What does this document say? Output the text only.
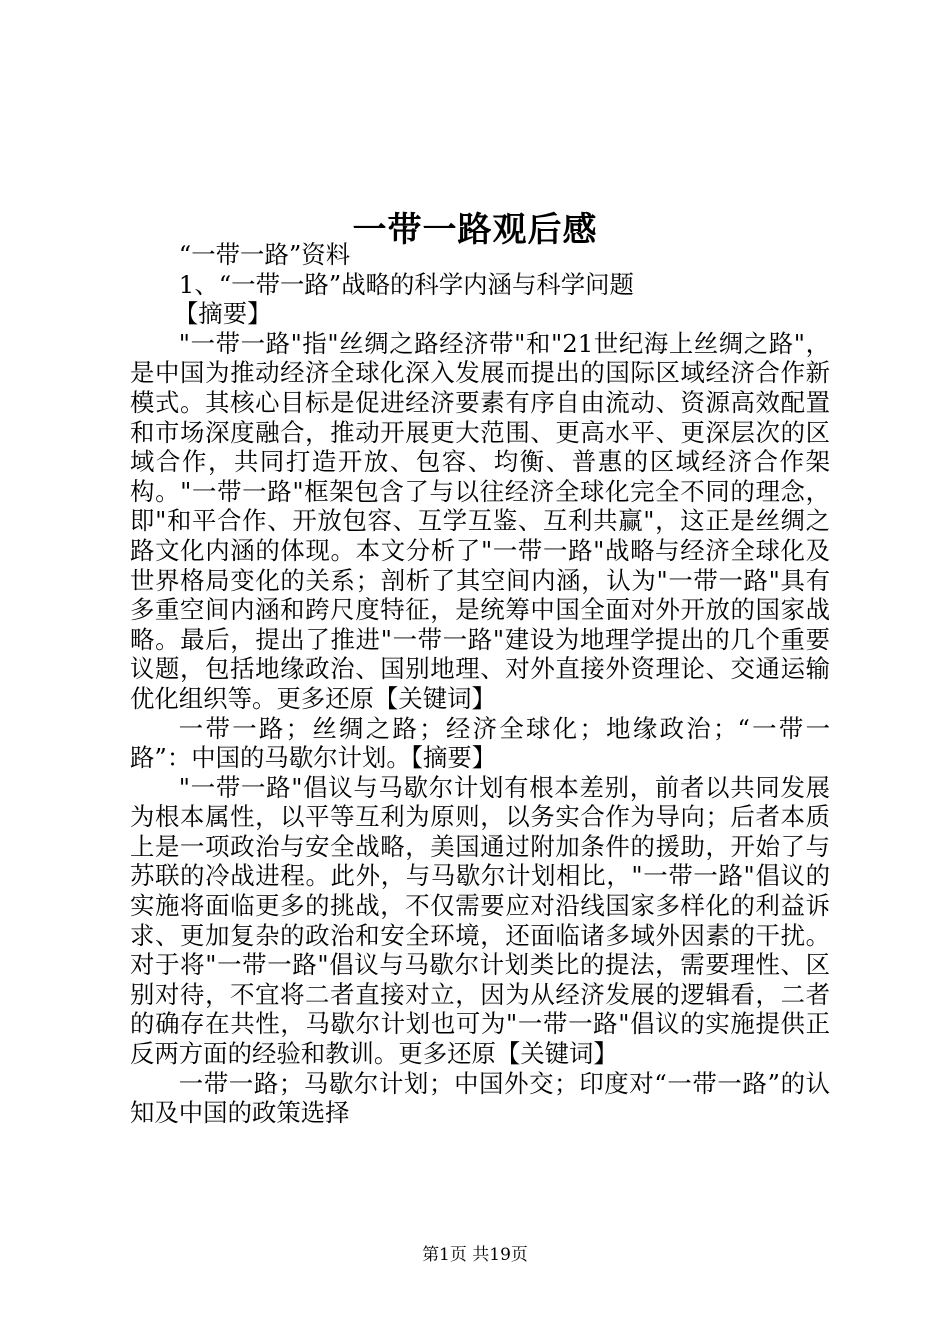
一带一路观后感

“一带一路”资料

1、“一带一路”战略的科学内涵与科学问题

【摘要】

"一带一路"指"丝绸之路经济带"和"21世纪海上丝绸之路"，是中国为推动经济全球化深入发展而提出的国际区域经济合作新模式。其核心目标是促进经济要素有序自由流动、资源高效配置和市场深度融合，推动开展更大范围、更高水平、更深层次的区域合作，共同打造开放、包容、均衡、普惠的区域经济合作架构。"一带一路"框架包含了与以往经济全球化完全不同的理念，即"和平合作、开放包容、互学互鉴、互利共赢"，这正是丝绸之路文化内涵的体现。本文分析了"一带一路"战略与经济全球化及世界格局变化的关系；剖析了其空间内涵，认为"一带一路"具有多重空间内涵和跨尺度特征，是统筹中国全面对外开放的国家战略。最后，提出了推进"一带一路"建设为地理学提出的几个重要议题，包括地缘政治、国别地理、对外直接外资理论、交通运输优化组织等。更多还原【关键词】

一带一路；丝绸之路；经济全球化；地缘政治；“一带一路”：中国的马歇尔计划。【摘要】

"一带一路"倡议与马歇尔计划有根本差别，前者以共同发展为根本属性，以平等互利为原则，以务实合作为导向；后者本质上是一项政治与安全战略，美国通过附加条件的援助，开始了与苏联的冷战进程。此外，与马歇尔计划相比，"一带一路"倡议的实施将面临更多的挑战，不仅需要应对沿线国家多样化的利益诉求、更加复杂的政治和安全环境，还面临诸多域外因素的干扰。对于将"一带一路"倡议与马歇尔计划类比的提法，需要理性、区别对待，不宜将二者直接对立，因为从经济发展的逻辑看，二者的确存在共性，马歇尔计划也可为"一带一路"倡议的实施提供正反两方面的经验和教训。更多还原【关键词】

一带一路；马歇尔计划；中国外交；印度对“一带一路”的认知及中国的政策选择

第1页 共19页
